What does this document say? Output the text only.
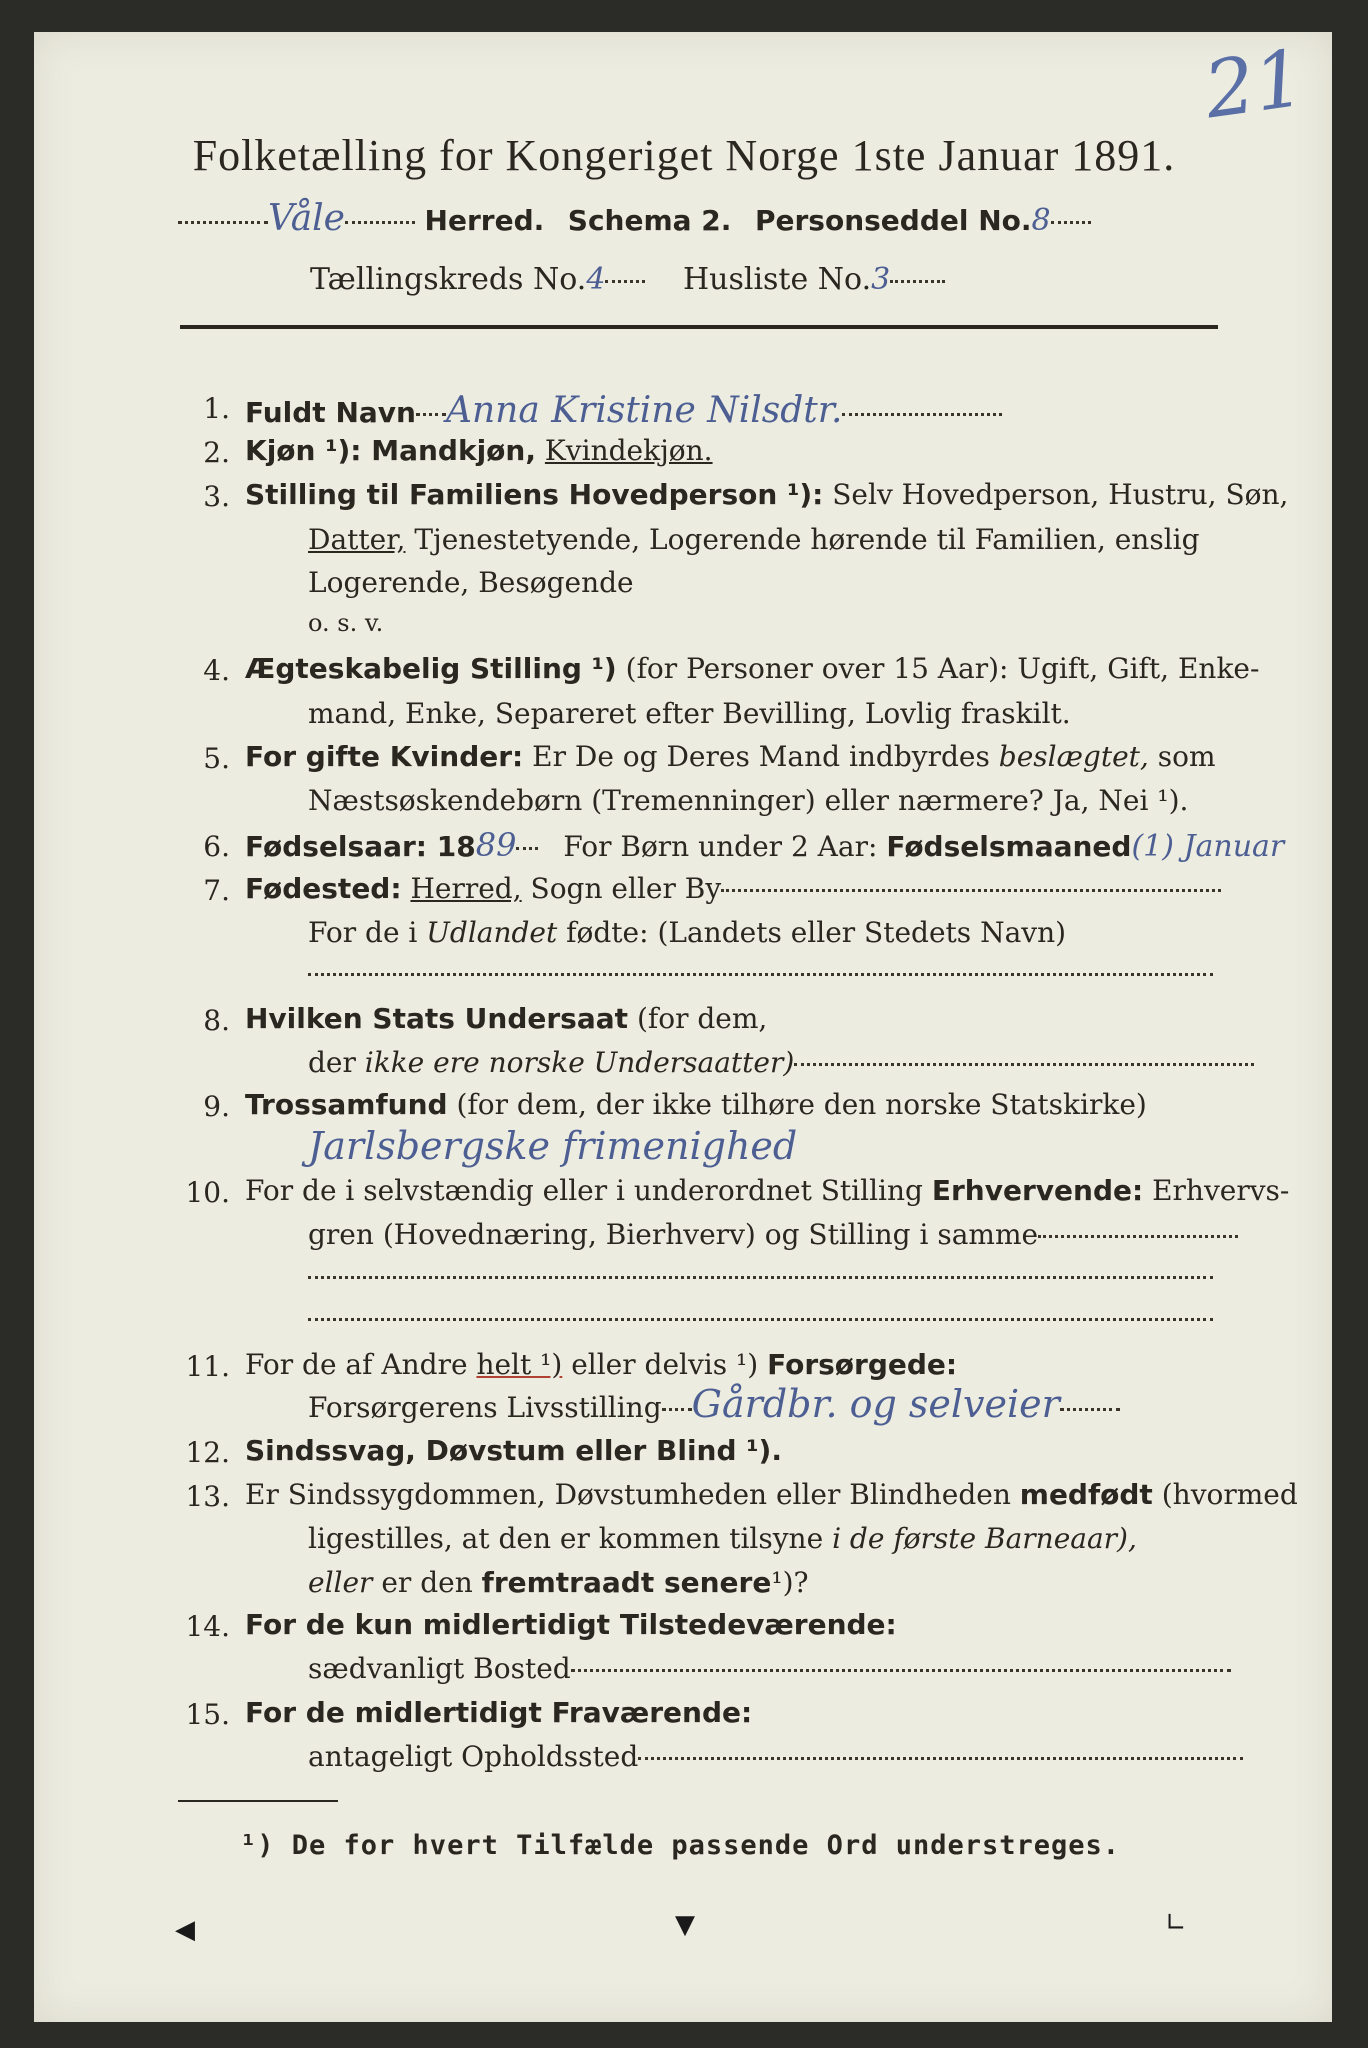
21
Folketælling for Kongeriget Norge 1ste Januar 1891.
Våle	Herred. Schema 2. Personseddel No.8
Tællingskreds No.4	Husliste No.3
1. Fuldt Navn Anna Kristine Nilsdtr.
2. Kjøn ¹): Mandkjøn, Kvindekjøn.
3. Stilling til Familiens Hovedperson ¹): Selv Hovedperson, Hustru, Søn,
Datter, Tjenestetyende, Logerende hørende til Familien, enslig
Logerende, Besøgende
o. s. v.
4. Ægteskabelig Stilling ¹) (for Personer over 15 Aar): Ugift, Gift, Enke-
mand, Enke, Separeret efter Bevilling, Lovlig fraskilt.
5. For gifte Kvinder: Er De og Deres Mand indbyrdes beslægtet, som
Næstsøskendebørn (Tremenninger) eller nærmere? Ja, Nei ¹).
6. Fødselsaar: 1889 For Børn under 2 Aar: Fødselsmaaned(1) Januar
7. Fødested: Herred, Sogn eller By
For de i Udlandet fødte: (Landets eller Stedets Navn)
8. Hvilken Stats Undersaat (for dem,
der ikke ere norske Undersaatter)
9. Trossamfund (for dem, der ikke tilhøre den norske Statskirke)
Jarlsbergske frimenighed
10. For de i selvstændig eller i underordnet Stilling Erhvervende: Erhvervs-
gren (Hovednæring, Bierhverv) og Stilling i samme
11. For de af Andre helt ¹) eller delvis ¹) Forsørgede:
Forsørgerens Livsstilling Gårdbr. og selveier
12. Sindssvag, Døvstum eller Blind ¹).
13. Er Sindssygdommen, Døvstumheden eller Blindheden medfødt (hvormed
ligestilles, at den er kommen tilsyne i de første Barneaar),
eller er den fremtraadt senere¹)?
14. For de kun midlertidigt Tilstedeværende:
sædvanligt Bosted
15. For de midlertidigt Fraværende:
antageligt Opholdssted
¹) De for hvert Tilfælde passende Ord understreges.
◀	▼	∟
